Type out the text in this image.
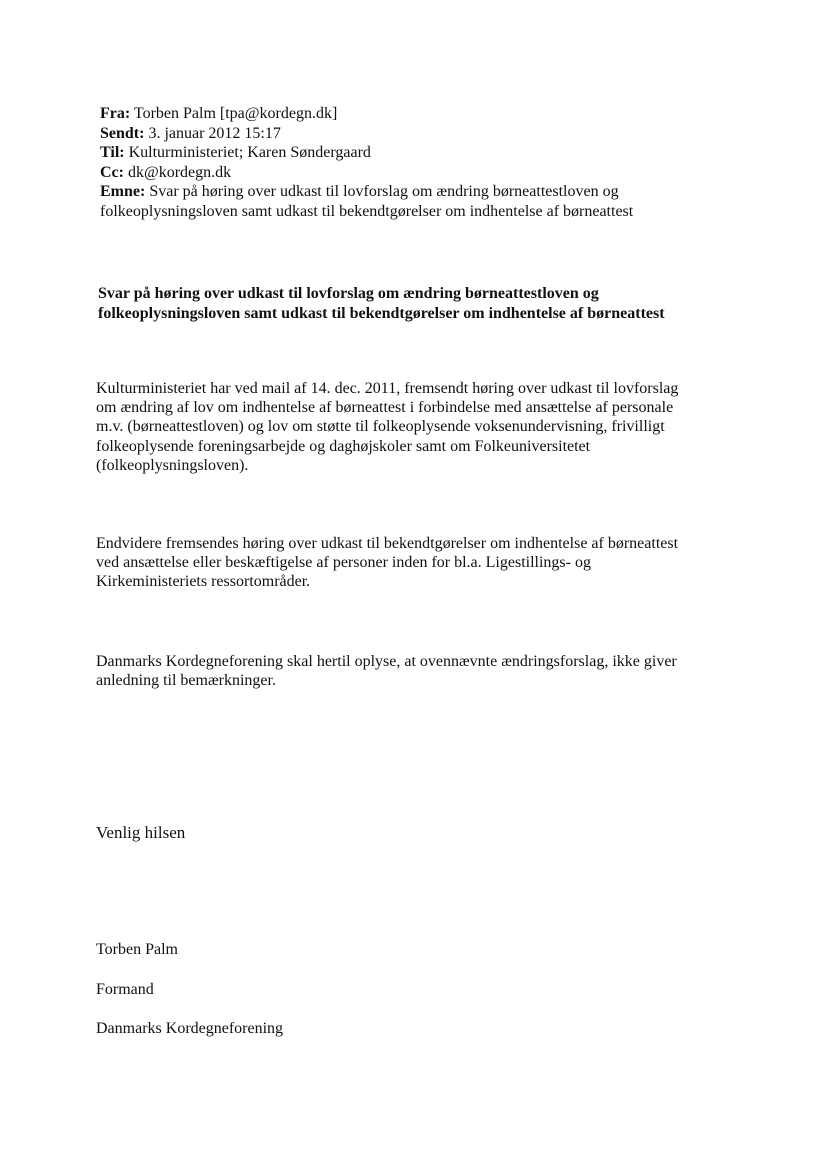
Fra: Torben Palm [tpa@kordegn.dk]
Sendt: 3. januar 2012 15:17
Til: Kulturministeriet; Karen Søndergaard
Cc: dk@kordegn.dk
Emne: Svar på høring over udkast til lovforslag om ændring børneattestloven og
folkeoplysningsloven samt udkast til bekendtgørelser om indhentelse af børneattest
Svar på høring over udkast til lovforslag om ændring børneattestloven og
folkeoplysningsloven samt udkast til bekendtgørelser om indhentelse af børneattest
Kulturministeriet har ved mail af 14. dec. 2011, fremsendt høring over udkast til lovforslag
om ændring af lov om indhentelse af børneattest i forbindelse med ansættelse af personale
m.v. (børneattestloven) og lov om støtte til folkeoplysende voksenundervisning, frivilligt
folkeoplysende foreningsarbejde og daghøjskoler samt om Folkeuniversitetet
(folkeoplysningsloven).
Endvidere fremsendes høring over udkast til bekendtgørelser om indhentelse af børneattest
ved ansættelse eller beskæftigelse af personer inden for bl.a. Ligestillings- og
Kirkeministeriets ressortområder.
Danmarks Kordegneforening skal hertil oplyse, at ovennævnte ændringsforslag, ikke giver
anledning til bemærkninger.
Venlig hilsen
Torben Palm
Formand
Danmarks Kordegneforening
